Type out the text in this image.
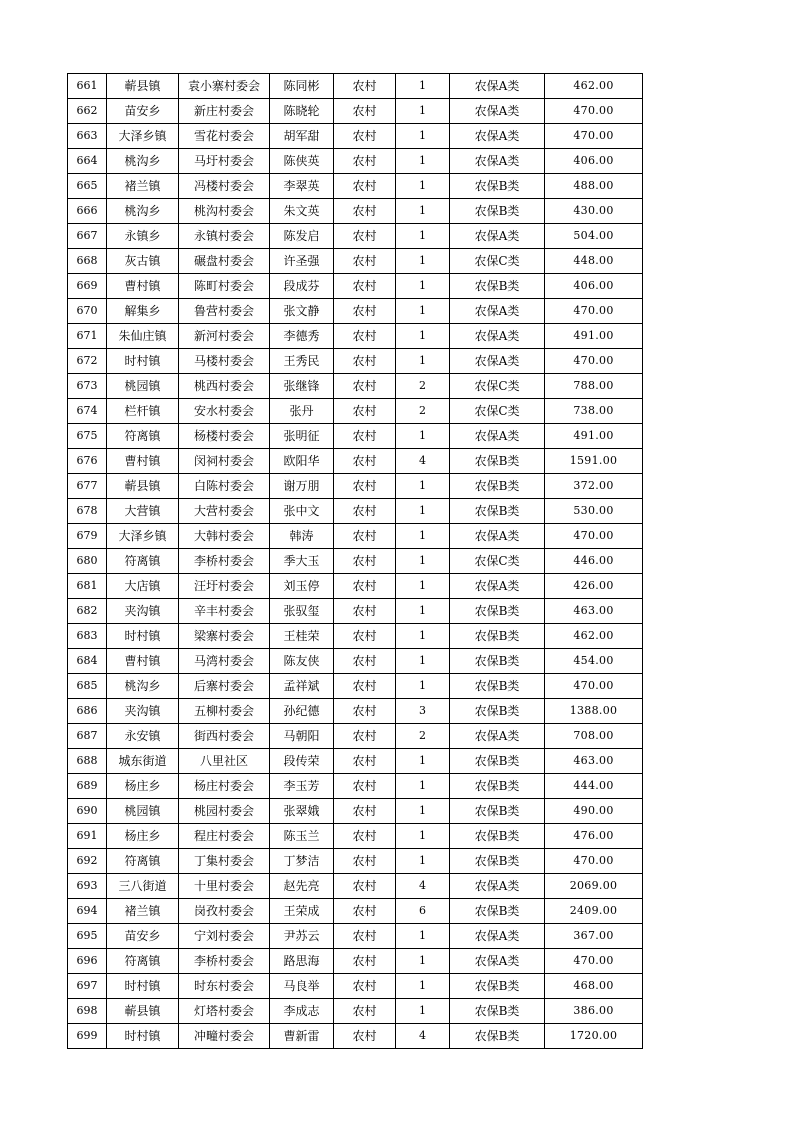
661	蕲县镇	袁小寨村委会	陈同彬	农村	1	农保A类	462.00
662	苗安乡	新庄村委会	陈晓轮	农村	1	农保A类	470.00
663	大泽乡镇	雪花村委会	胡军甜	农村	1	农保A类	470.00
664	桃沟乡	马圩村委会	陈侠英	农村	1	农保A类	406.00
665	褚兰镇	冯楼村委会	李翠英	农村	1	农保B类	488.00
666	桃沟乡	桃沟村委会	朱文英	农村	1	农保B类	430.00
667	永镇乡	永镇村委会	陈发启	农村	1	农保A类	504.00
668	灰古镇	碾盘村委会	许圣强	农村	1	农保C类	448.00
669	曹村镇	陈町村委会	段成芬	农村	1	农保B类	406.00
670	解集乡	鲁营村委会	张文静	农村	1	农保A类	470.00
671	朱仙庄镇	新河村委会	李德秀	农村	1	农保A类	491.00
672	时村镇	马楼村委会	王秀民	农村	1	农保A类	470.00
673	桃园镇	桃西村委会	张继锋	农村	2	农保C类	788.00
674	栏杆镇	安水村委会	张丹	农村	2	农保C类	738.00
675	符离镇	杨楼村委会	张明征	农村	1	农保A类	491.00
676	曹村镇	闵祠村委会	欧阳华	农村	4	农保B类	1591.00
677	蕲县镇	白陈村委会	谢万朋	农村	1	农保B类	372.00
678	大营镇	大营村委会	张中文	农村	1	农保B类	530.00
679	大泽乡镇	大韩村委会	韩涛	农村	1	农保A类	470.00
680	符离镇	李桥村委会	季大玉	农村	1	农保C类	446.00
681	大店镇	汪圩村委会	刘玉停	农村	1	农保A类	426.00
682	夹沟镇	辛丰村委会	张驭玺	农村	1	农保B类	463.00
683	时村镇	梁寨村委会	王桂荣	农村	1	农保B类	462.00
684	曹村镇	马湾村委会	陈友侠	农村	1	农保B类	454.00
685	桃沟乡	后寨村委会	孟祥斌	农村	1	农保B类	470.00
686	夹沟镇	五柳村委会	孙纪德	农村	3	农保B类	1388.00
687	永安镇	街西村委会	马朝阳	农村	2	农保A类	708.00
688	城东街道	八里社区	段传荣	农村	1	农保B类	463.00
689	杨庄乡	杨庄村委会	李玉芳	农村	1	农保B类	444.00
690	桃园镇	桃园村委会	张翠娥	农村	1	农保B类	490.00
691	杨庄乡	程庄村委会	陈玉兰	农村	1	农保B类	476.00
692	符离镇	丁集村委会	丁梦洁	农村	1	农保B类	470.00
693	三八街道	十里村委会	赵先亮	农村	4	农保A类	2069.00
694	褚兰镇	岗孜村委会	王荣成	农村	6	农保B类	2409.00
695	苗安乡	宁刘村委会	尹苏云	农村	1	农保A类	367.00
696	符离镇	李桥村委会	路思海	农村	1	农保A类	470.00
697	时村镇	时东村委会	马良举	农村	1	农保B类	468.00
698	蕲县镇	灯塔村委会	李成志	农村	1	农保B类	386.00
699	时村镇	冲疃村委会	曹新雷	农村	4	农保B类	1720.00
